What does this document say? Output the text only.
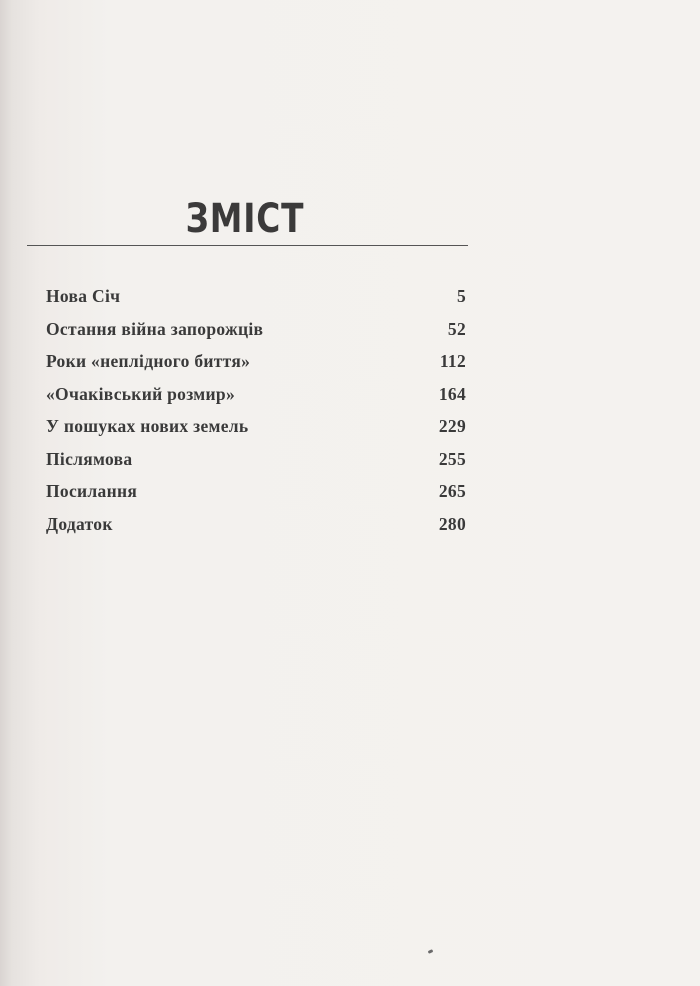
ЗМІСТ
Нова Січ	5
Остання війна запорожців	52
Роки «неплідного биття»	112
«Очаківський розмир»	164
У пошуках нових земель	229
Післямова	255
Посилання	265
Додаток	280
